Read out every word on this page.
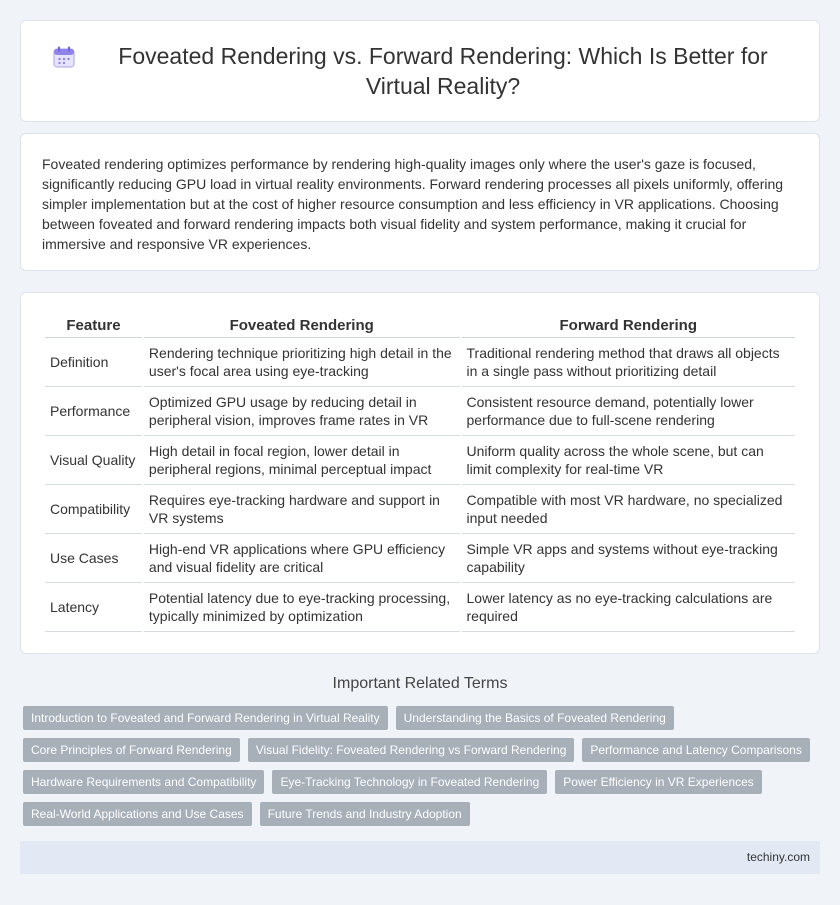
Foveated Rendering vs. Forward Rendering: Which Is Better for Virtual Reality?

Foveated rendering optimizes performance by rendering high-quality images only where the user's gaze is focused, significantly reducing GPU load in virtual reality environments. Forward rendering processes all pixels uniformly, offering simpler implementation but at the cost of higher resource consumption and less efficiency in VR applications. Choosing between foveated and forward rendering impacts both visual fidelity and system performance, making it crucial for immersive and responsive VR experiences.

Feature	Foveated Rendering	Forward Rendering
Definition	Rendering technique prioritizing high detail in the user's focal area using eye-tracking	Traditional rendering method that draws all objects in a single pass without prioritizing detail
Performance	Optimized GPU usage by reducing detail in peripheral vision, improves frame rates in VR	Consistent resource demand, potentially lower performance due to full-scene rendering
Visual Quality	High detail in focal region, lower detail in peripheral regions, minimal perceptual impact	Uniform quality across the whole scene, but can limit complexity for real-time VR
Compatibility	Requires eye-tracking hardware and support in VR systems	Compatible with most VR hardware, no specialized input needed
Use Cases	High-end VR applications where GPU efficiency and visual fidelity are critical	Simple VR apps and systems without eye-tracking capability
Latency	Potential latency due to eye-tracking processing, typically minimized by optimization	Lower latency as no eye-tracking calculations are required
Important Related Terms
Introduction to Foveated and Forward Rendering in Virtual Reality	Understanding the Basics of Foveated Rendering
Core Principles of Forward Rendering	Visual Fidelity: Foveated Rendering vs Forward Rendering	Performance and Latency Comparisons
Hardware Requirements and Compatibility	Eye-Tracking Technology in Foveated Rendering	Power Efficiency in VR Experiences
Real-World Applications and Use Cases	Future Trends and Industry Adoption
techiny.com
